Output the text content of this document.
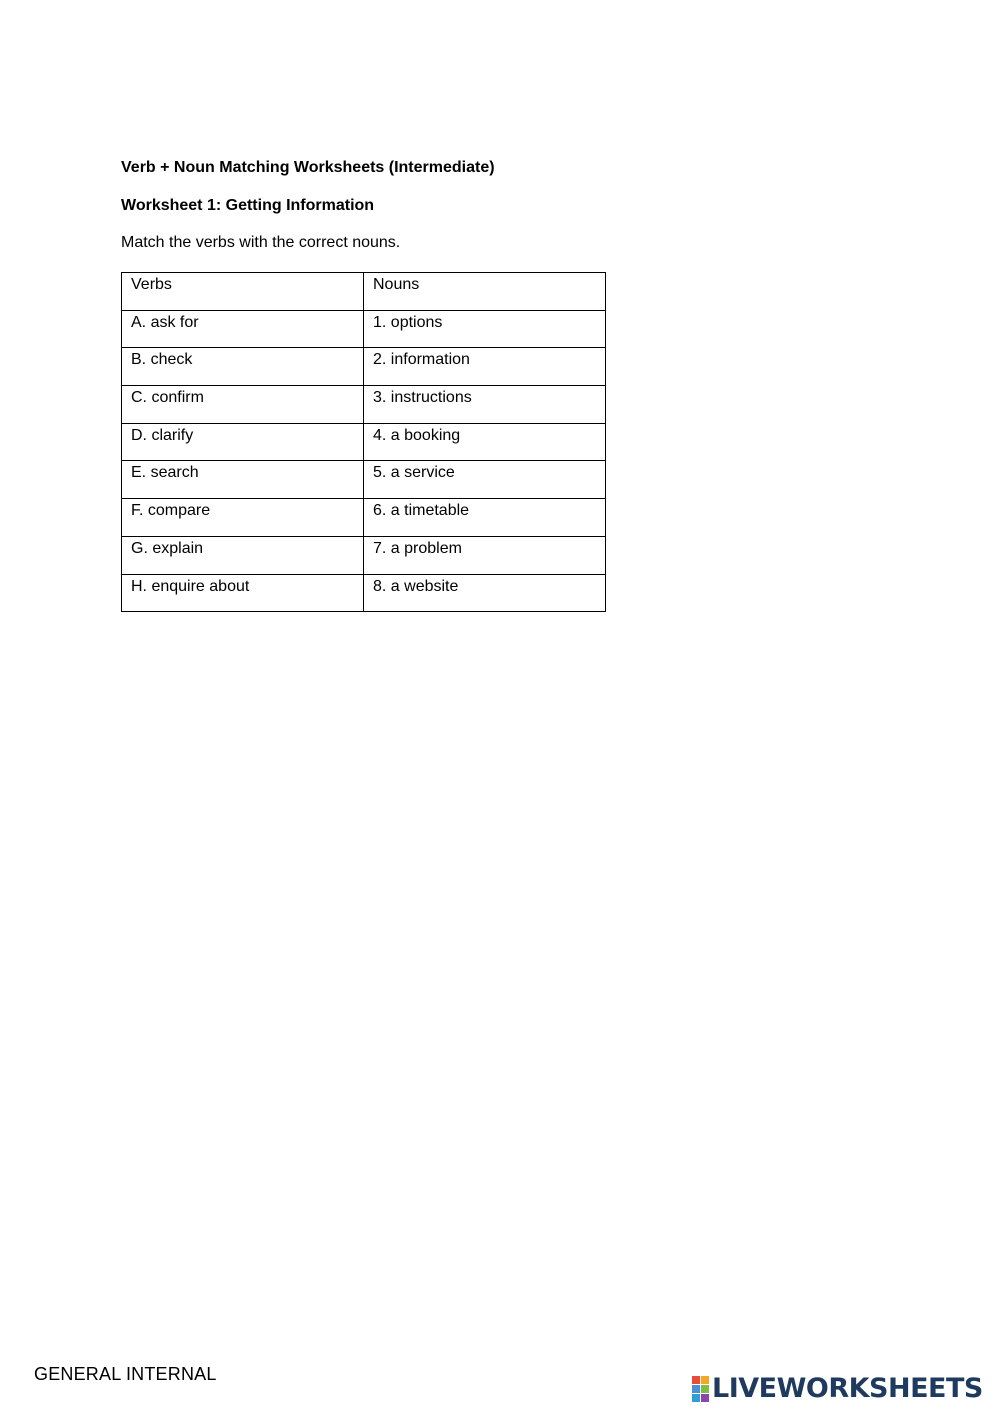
Verb + Noun Matching Worksheets (Intermediate)
Worksheet 1: Getting Information
Match the verbs with the correct nouns.
Verbs	Nouns
A. ask for	1. options
B. check	2. information
C. confirm	3. instructions
D. clarify	4. a booking
E. search	5. a service
F. compare	6. a timetable
G. explain	7. a problem
H. enquire about	8. a website
GENERAL INTERNAL	LIVEWORKSHEETS
